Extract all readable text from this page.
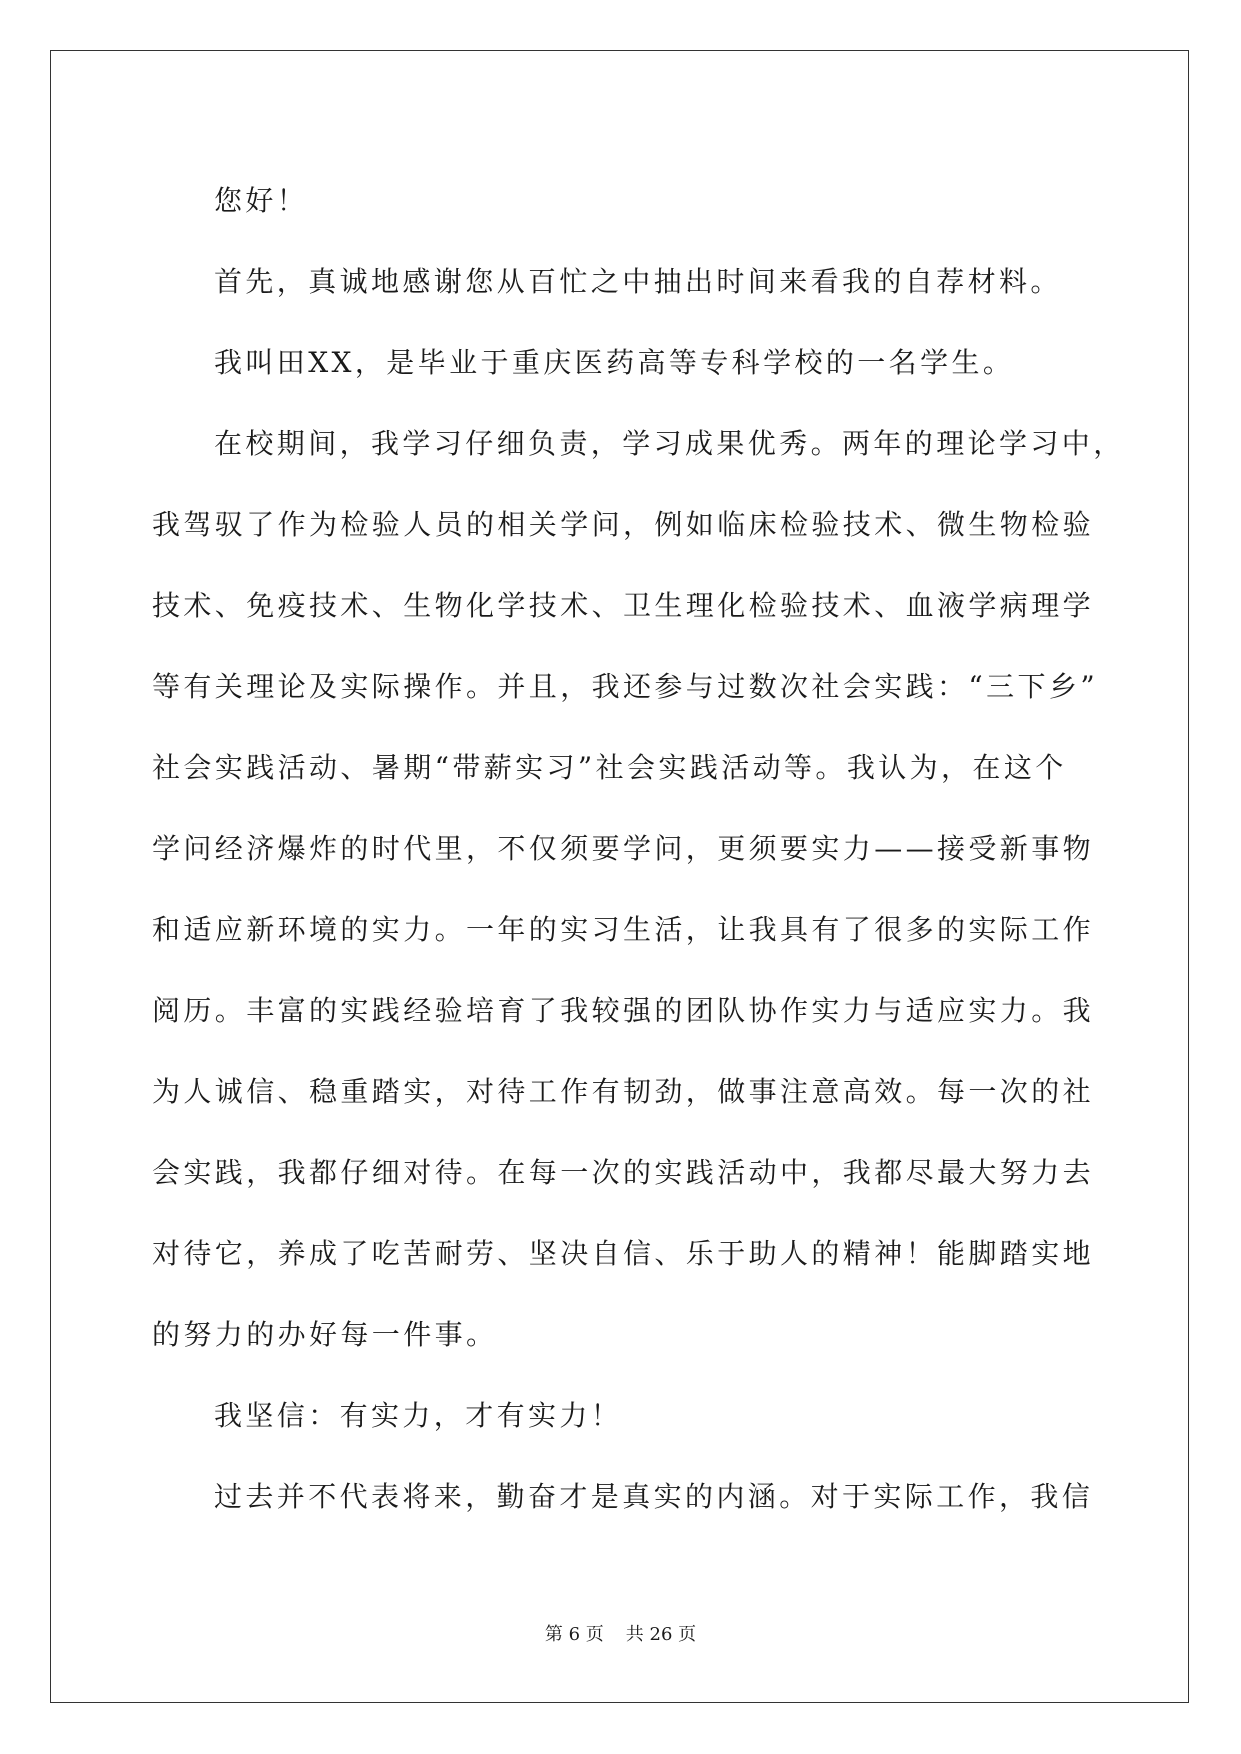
您好！
首先，真诚地感谢您从百忙之中抽出时间来看我的自荐材料。
我叫田XX，是毕业于重庆医药高等专科学校的一名学生。
在校期间，我学习仔细负责，学习成果优秀。两年的理论学习中，
我驾驭了作为检验人员的相关学问，例如临床检验技术、微生物检验
技术、免疫技术、生物化学技术、卫生理化检验技术、血液学病理学
等有关理论及实际操作。并且，我还参与过数次社会实践：“三下乡”
社会实践活动、暑期“带薪实习”社会实践活动等。我认为，在这个
学问经济爆炸的时代里，不仅须要学问，更须要实力——接受新事物
和适应新环境的实力。一年的实习生活，让我具有了很多的实际工作
阅历。丰富的实践经验培育了我较强的团队协作实力与适应实力。我
为人诚信、稳重踏实，对待工作有韧劲，做事注意高效。每一次的社
会实践，我都仔细对待。在每一次的实践活动中，我都尽最大努力去
对待它，养成了吃苦耐劳、坚决自信、乐于助人的精神！能脚踏实地
的努力的办好每一件事。
我坚信：有实力，才有实力！
过去并不代表将来，勤奋才是真实的内涵。对于实际工作，我信
第 6 页 共 26 页
